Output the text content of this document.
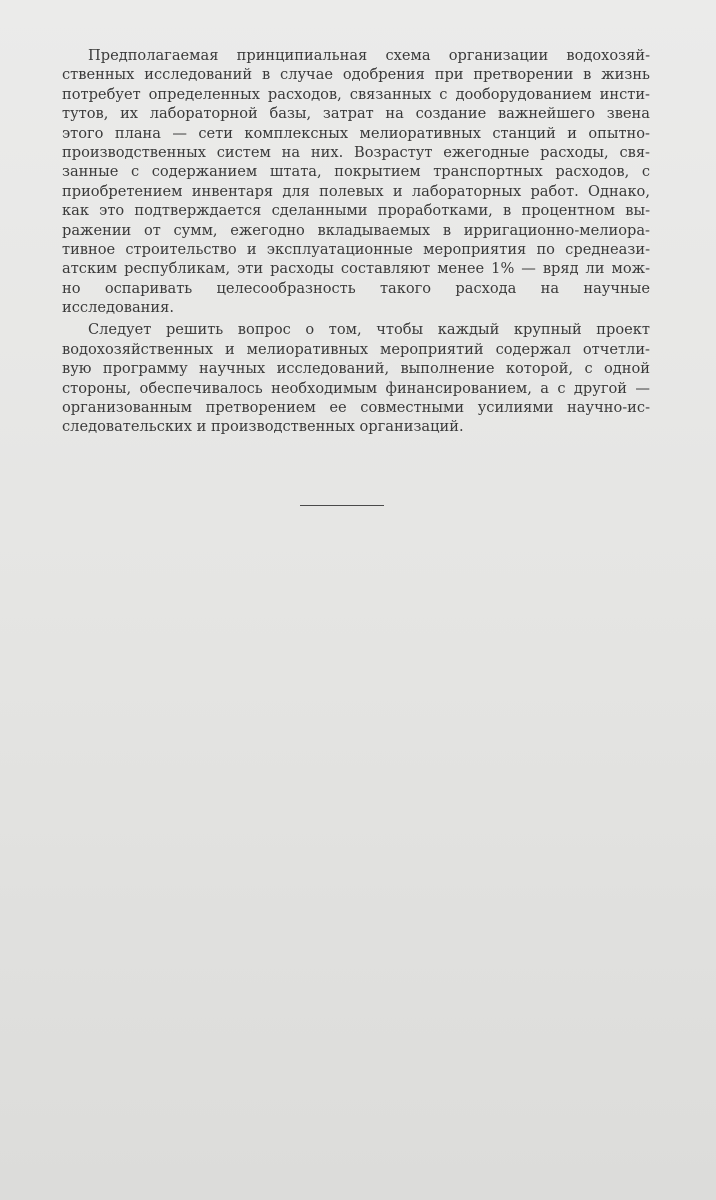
Предполагаемая принципиальная схема организации водохозяй-
ственных исследований в случае одобрения при претворении в жизнь
потребует определенных расходов, связанных с дооборудованием инсти-
тутов, их лабораторной базы, затрат на создание важнейшего звена
этого плана — сети комплексных мелиоративных станций и опытно-
производственных систем на них. Возрастут ежегодные расходы, свя-
занные с содержанием штата, покрытием транспортных расходов, с
приобретением инвентаря для полевых и лабораторных работ. Однако,
как это подтверждается сделанными проработками, в процентном вы-
ражении от сумм, ежегодно вкладываемых в ирригационно-мелиора-
тивное строительство и эксплуатационные мероприятия по среднеази-
атским республикам, эти расходы составляют менее 1% — вряд ли мож-
но оспаривать целесообразность такого расхода на научные
исследования.
Следует решить вопрос о том, чтобы каждый крупный проект
водохозяйственных и мелиоративных мероприятий содержал отчетли-
вую программу научных исследований, выполнение которой, с одной
стороны, обеспечивалось необходимым финансированием, а с другой —
организованным претворением ее совместными усилиями научно-ис-
следовательских и производственных организаций.
